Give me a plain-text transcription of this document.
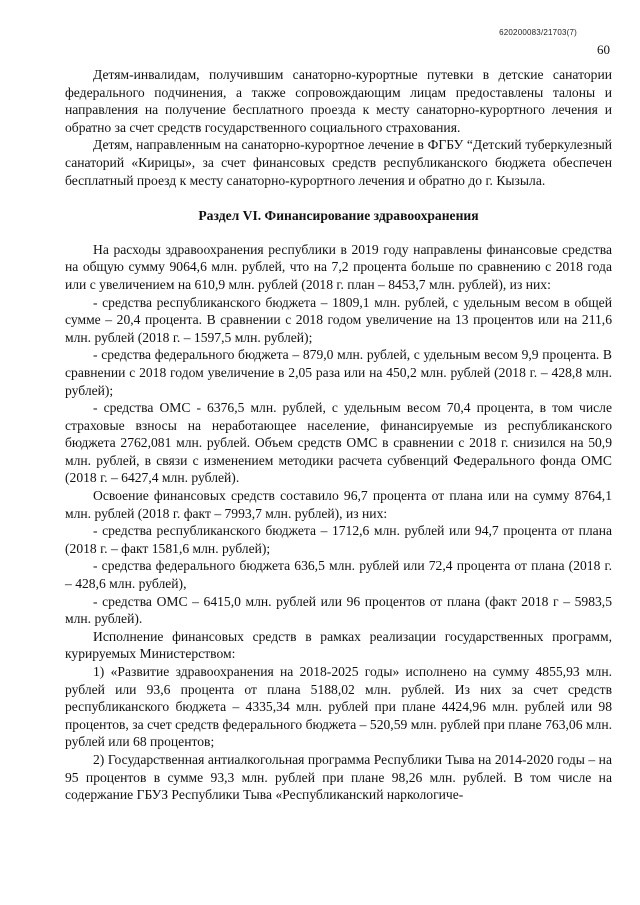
620200083/21703(7)
60

Детям-инвалидам, получившим санаторно-курортные путевки в детские санатории федерального подчинения, а также сопровождающим лицам предоставлены талоны и направления на получение бесплатного проезда к месту санаторно-курортного лечения и обратно за счет средств государственного социального страхования.

Детям, направленным на санаторно-курортное лечение в ФГБУ “Детский туберкулезный санаторий «Кирицы», за счет финансовых средств республиканского бюджета обеспечен бесплатный проезд к месту санаторно-курортного лечения и обратно до г. Кызыла.

Раздел VI. Финансирование здравоохранения

На расходы здравоохранения республики в 2019 году направлены финансовые средства на общую сумму 9064,6 млн. рублей, что на 7,2 процента больше по сравнению с 2018 года или с увеличением на 610,9 млн. рублей (2018 г. план – 8453,7 млн. рублей), из них:

- средства республиканского бюджета – 1809,1 млн. рублей, с удельным весом в общей сумме – 20,4 процента. В сравнении с 2018 годом увеличение на 13 процентов или на 211,6 млн. рублей (2018 г. – 1597,5 млн. рублей);

- средства федерального бюджета – 879,0 млн. рублей, с удельным весом 9,9 процента. В сравнении с 2018 годом увеличение в 2,05 раза или на 450,2 млн. рублей (2018 г. – 428,8 млн. рублей);

- средства ОМС - 6376,5 млн. рублей, с удельным весом 70,4 процента, в том числе страховые взносы на неработающее население, финансируемые из республиканского бюджета 2762,081 млн. рублей. Объем средств ОМС в сравнении с 2018 г. снизился на 50,9 млн. рублей, в связи с изменением методики расчета субвенций Федерального фонда ОМС (2018 г. – 6427,4 млн. рублей).

Освоение финансовых средств составило 96,7 процента от плана или на сумму 8764,1 млн. рублей (2018 г. факт – 7993,7 млн. рублей), из них:

- средства республиканского бюджета – 1712,6 млн. рублей или 94,7 процента от плана (2018 г. – факт 1581,6 млн. рублей);

- средства федерального бюджета 636,5 млн. рублей или 72,4 процента от плана (2018 г. – 428,6 млн. рублей),

- средства ОМС – 6415,0 млн. рублей или 96 процентов от плана (факт 2018 г – 5983,5 млн. рублей).

Исполнение финансовых средств в рамках реализации государственных программ, курируемых Министерством:

1) «Развитие здравоохранения на 2018-2025 годы» исполнено на сумму 4855,93 млн. рублей или 93,6 процента от плана 5188,02 млн. рублей. Из них за счет средств республиканского бюджета – 4335,34 млн. рублей при плане 4424,96 млн. рублей или 98 процентов, за счет средств федерального бюджета – 520,59 млн. рублей при плане 763,06 млн. рублей или 68 процентов;

2) Государственная антиалкогольная программа Республики Тыва на 2014-2020 годы – на 95 процентов в сумме 93,3 млн. рублей при плане 98,26 млн. рублей. В том числе на содержание ГБУЗ Республики Тыва «Республиканский наркологиче-
